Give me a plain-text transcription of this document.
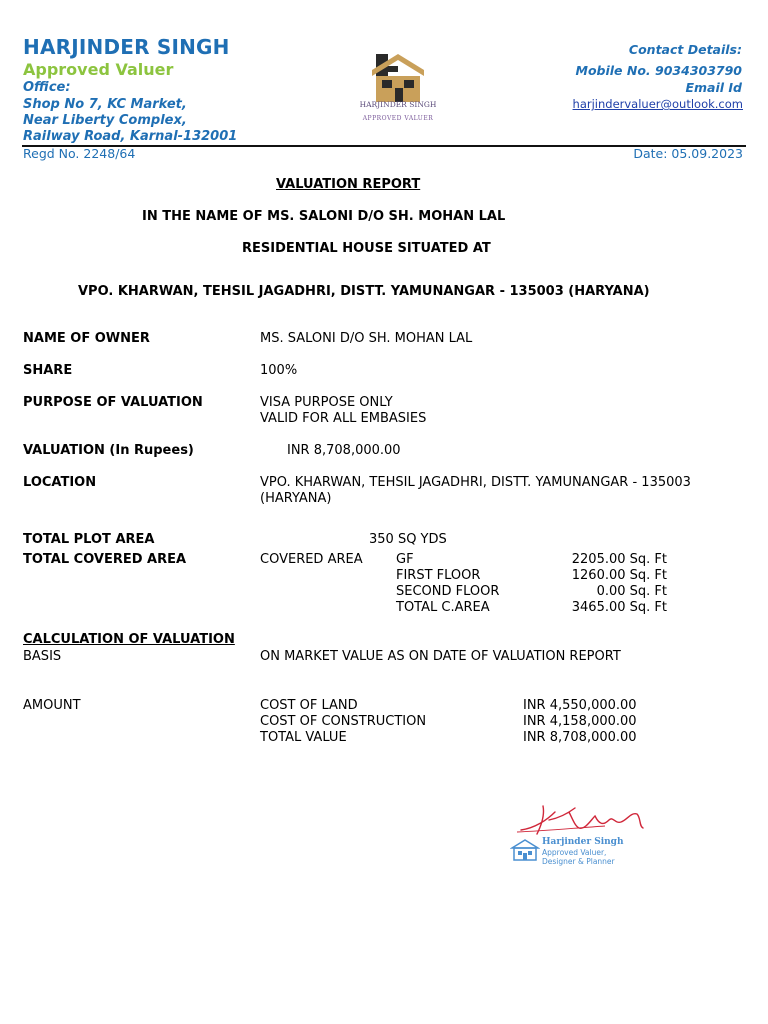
HARJINDER SINGH
Approved Valuer
Office:
Shop No 7, KC Market,
Near Liberty Complex,
Railway Road, Karnal-132001
HARJINDER SINGH
APPROVED VALUER
Contact Details:
Mobile No. 9034303790
Email Id
harjindervaluer@outlook.com
Regd No. 2248/64	Date: 05.09.2023
VALUATION REPORT
IN THE NAME OF MS. SALONI D/O SH. MOHAN LAL
RESIDENTIAL HOUSE SITUATED AT
VPO. KHARWAN, TEHSIL JAGADHRI, DISTT. YAMUNANGAR - 135003 (HARYANA)
NAME OF OWNER	MS. SALONI D/O SH. MOHAN LAL
SHARE	100%
PURPOSE OF VALUATION	VISA PURPOSE ONLY
VALID FOR ALL EMBASIES
VALUATION (In Rupees)	INR 8,708,000.00
LOCATION	VPO. KHARWAN, TEHSIL JAGADHRI, DISTT. YAMUNANGAR - 135003
(HARYANA)
TOTAL PLOT AREA	350 SQ YDS
TOTAL COVERED AREA	COVERED AREA	GF	2205.00 Sq. Ft
FIRST FLOOR	1260.00 Sq. Ft
SECOND FLOOR	0.00 Sq. Ft
TOTAL C.AREA	3465.00 Sq. Ft
CALCULATION OF VALUATION
BASIS	ON MARKET VALUE AS ON DATE OF VALUATION REPORT
AMOUNT	COST OF LAND	INR 4,550,000.00
COST OF CONSTRUCTION	INR 4,158,000.00
TOTAL VALUE	INR 8,708,000.00
Harjinder Singh
Approved Valuer,
Designer & Planner
